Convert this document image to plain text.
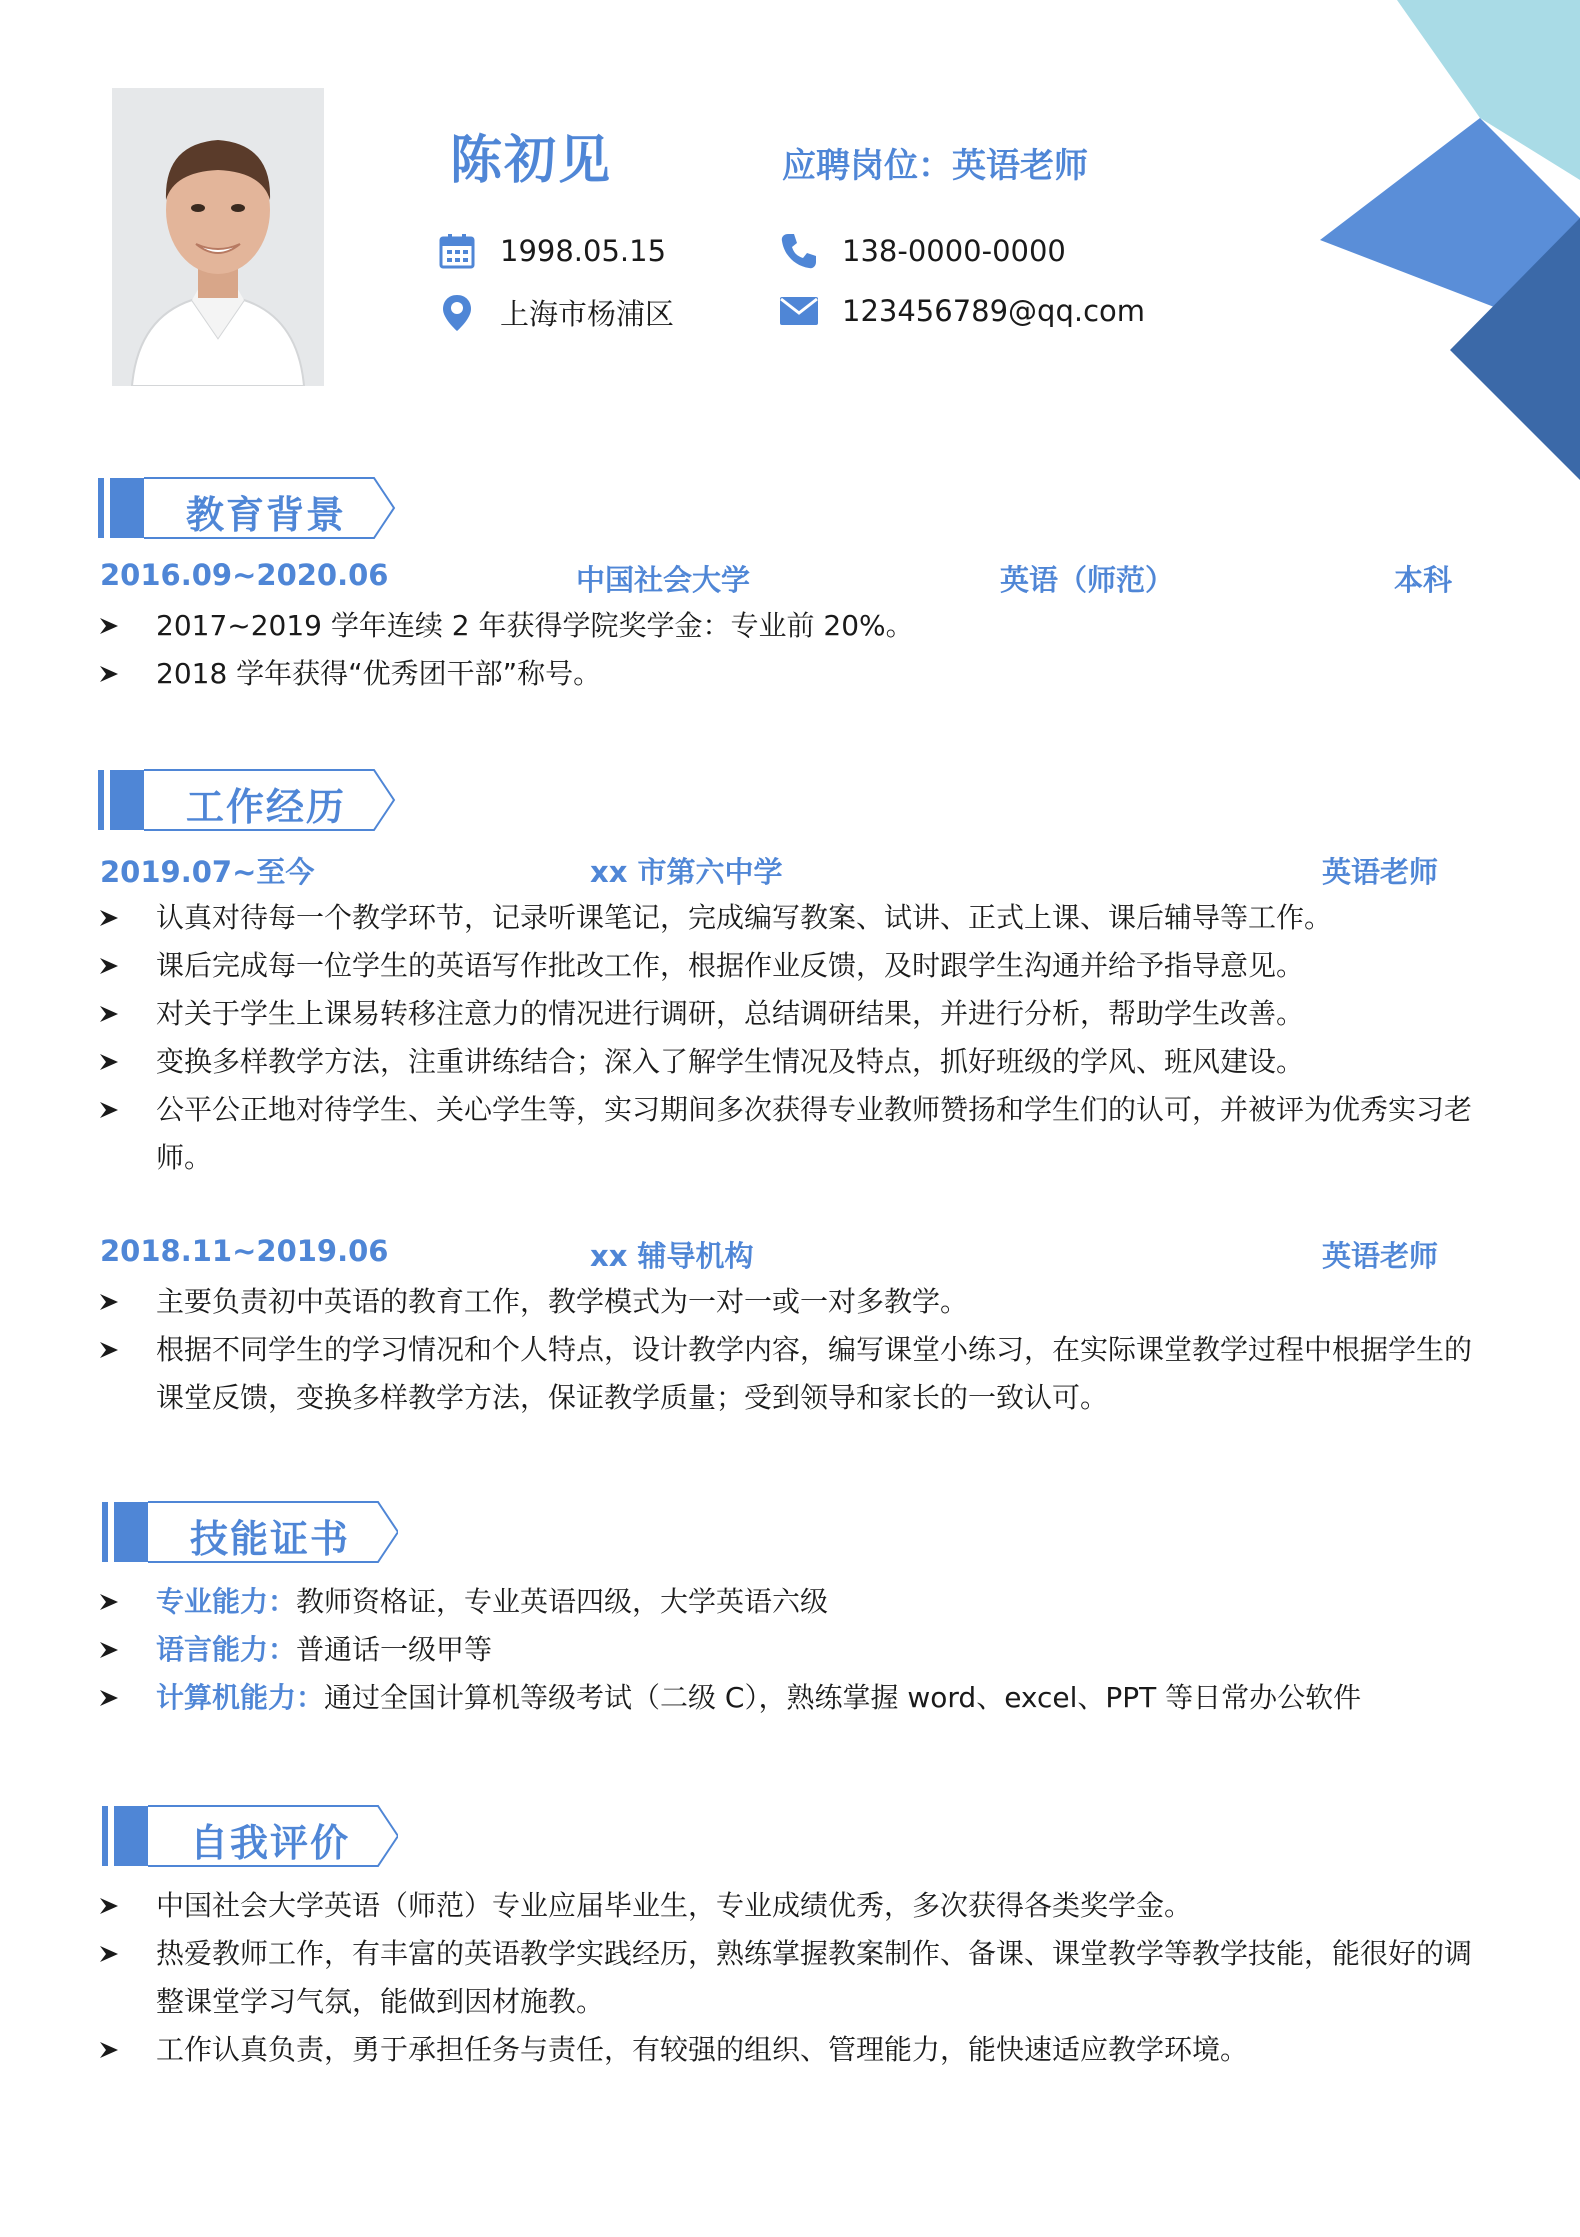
陈初见	应聘岗位：英语老师
1998.05.15
上海市杨浦区
138-0000-0000
123456789@qq.com
教育背景
2016.09~2020.06	中国社会大学	英语（师范）	本科
2017~2019 学年连续 2 年获得学院奖学金：专业前 20%。
2018 学年获得“优秀团干部”称号。
工作经历
2019.07~至今	xx 市第六中学	英语老师
认真对待每一个教学环节，记录听课笔记，完成编写教案、试讲、正式上课、课后辅导等工作。
课后完成每一位学生的英语写作批改工作，根据作业反馈，及时跟学生沟通并给予指导意见。
对关于学生上课易转移注意力的情况进行调研，总结调研结果，并进行分析，帮助学生改善。
变换多样教学方法，注重讲练结合；深入了解学生情况及特点，抓好班级的学风、班风建设。
公平公正地对待学生、关心学生等，实习期间多次获得专业教师赞扬和学生们的认可，并被评为优秀实习老师。
2018.11~2019.06	xx 辅导机构	英语老师
主要负责初中英语的教育工作，教学模式为一对一或一对多教学。
根据不同学生的学习情况和个人特点，设计教学内容，编写课堂小练习，在实际课堂教学过程中根据学生的课堂反馈，变换多样教学方法，保证教学质量；受到领导和家长的一致认可。
技能证书
专业能力：教师资格证，专业英语四级，大学英语六级
语言能力：普通话一级甲等
计算机能力：通过全国计算机等级考试（二级 C），熟练掌握 word、excel、PPT 等日常办公软件
自我评价
中国社会大学英语（师范）专业应届毕业生，专业成绩优秀，多次获得各类奖学金。
热爱教师工作，有丰富的英语教学实践经历，熟练掌握教案制作、备课、课堂教学等教学技能，能很好的调整课堂学习气氛，能做到因材施教。
工作认真负责，勇于承担任务与责任，有较强的组织、管理能力，能快速适应教学环境。
